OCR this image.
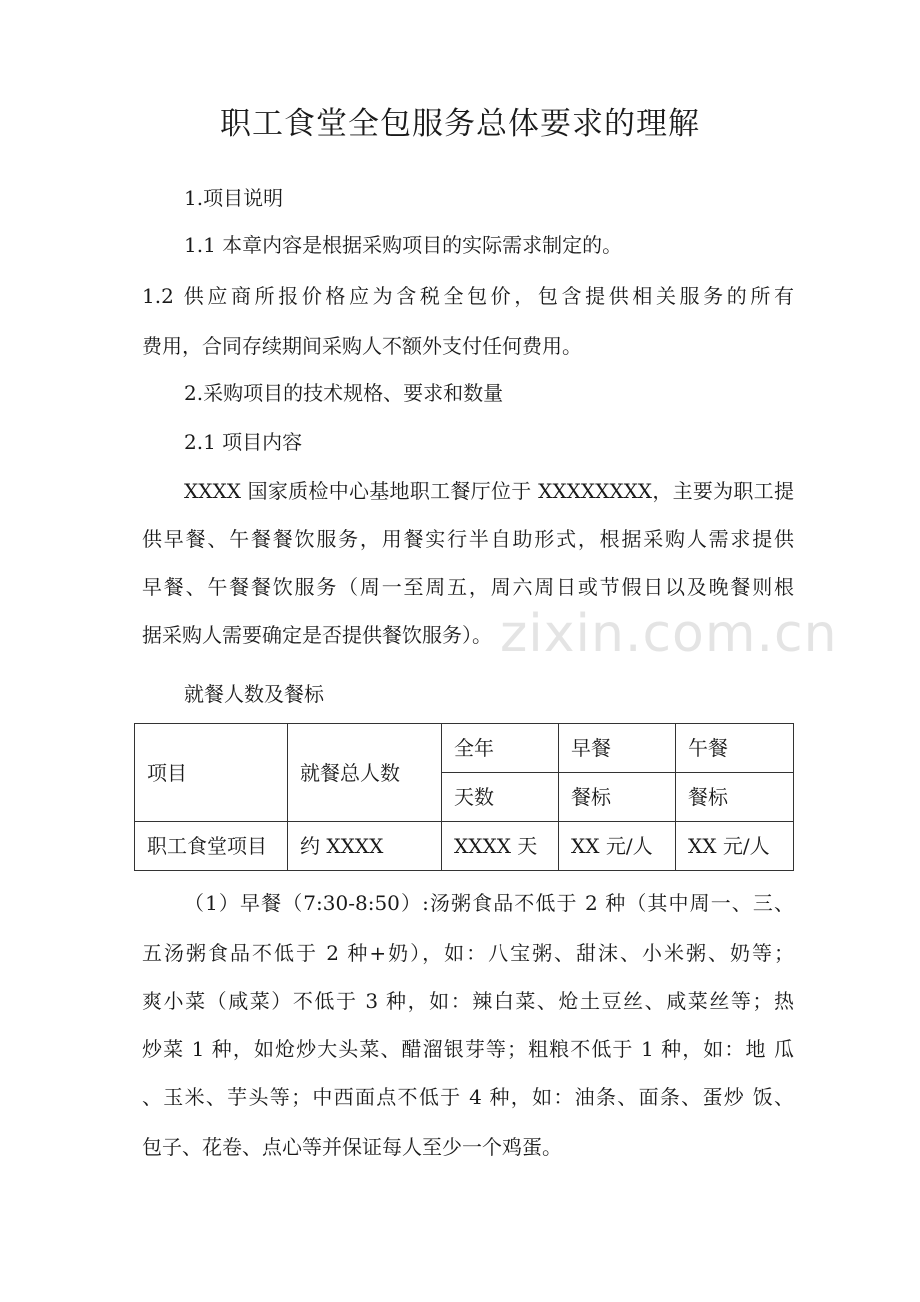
zixin.com.cn
职工食堂全包服务总体要求的理解

1.项目说明

1.1 本章内容是根据采购项目的实际需求制定的。

1.2 供应商所报价格应为含税全包价，包含提供相关服务的所有

费用，合同存续期间采购人不额外支付任何费用。

2.采购项目的技术规格、要求和数量

2.1 项目内容

XXXX 国家质检中心基地职工餐厅位于 XXXXXXXX，主要为职工提

供早餐、午餐餐饮服务，用餐实行半自助形式，根据采购人需求提供

早餐、午餐餐饮服务（周一至周五，周六周日或节假日以及晚餐则根

据采购人需要确定是否提供餐饮服务）。

就餐人数及餐标

项目	就餐总人数	全年	早餐	午餐
		天数	餐标	餐标
职工食堂项目	约 XXXX	XXXX 天	XX 元/人	XX 元/人

（1）早餐（7:30-8:50）:汤粥食品不低于 2 种（其中周一、三、

五汤粥食品不低于 2 种+奶），如：八宝粥、甜沫、小米粥、奶等；

爽小菜（咸菜）不低于 3 种，如：辣白菜、炝土豆丝、咸菜丝等；热

炒菜 1 种，如炝炒大头菜、醋溜银芽等；粗粮不低于 1 种，如：地 瓜

、玉米、芋头等；中西面点不低于 4 种，如：油条、面条、蛋炒 饭、

包子、花卷、点心等并保证每人至少一个鸡蛋。
